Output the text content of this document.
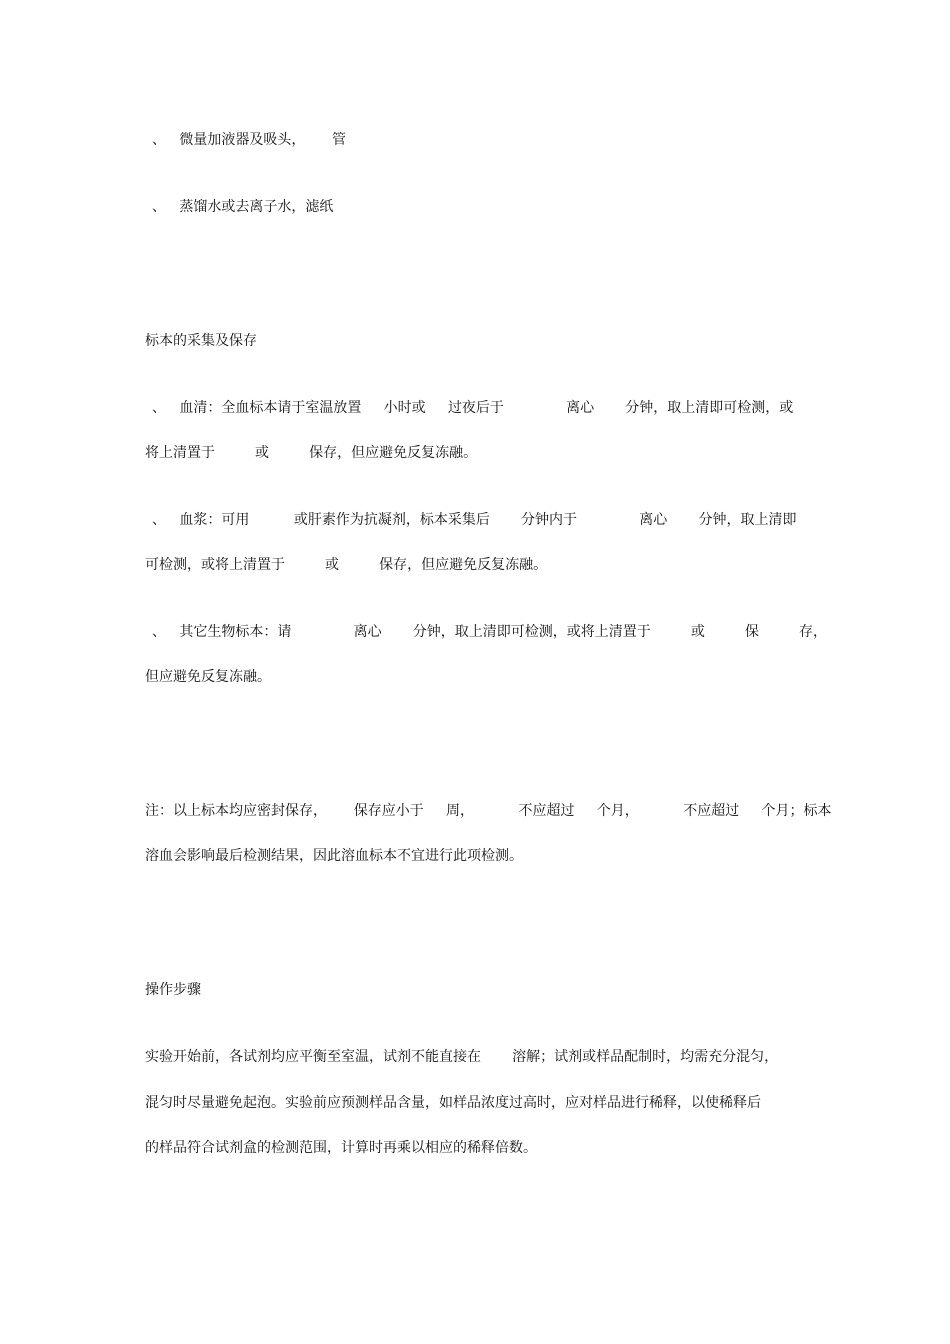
、   微量加液器及吸头，      管
、   蒸馏水或去离子水，滤纸
标本的采集及保存
、   血清：全血标本请于室温放置     小时或     过夜后于              离心       分钟，取上清即可检测，或
将上清置于         或         保存，但应避免反复冻融。
、   血浆：可用          或肝素作为抗凝剂，标本采集后       分钟内于              离心       分钟，取上清即
可检测，或将上清置于         或         保存，但应避免反复冻融。
、   其它生物标本：请              离心       分钟，取上清即可检测，或将上清置于         或         保         存，
但应避免反复冻融。
注：以上标本均应密封保存，      保存应小于     周，          不应超过     个月，          不应超过     个月；标本
溶血会影响最后检测结果，因此溶血标本不宜进行此项检测。
操作步骤
实验开始前，各试剂均应平衡至室温，试剂不能直接在       溶解；试剂或样品配制时，均需充分混匀，
混匀时尽量避免起泡。实验前应预测样品含量，如样品浓度过高时，应对样品进行稀释，以使稀释后
的样品符合试剂盒的检测范围，计算时再乘以相应的稀释倍数。
